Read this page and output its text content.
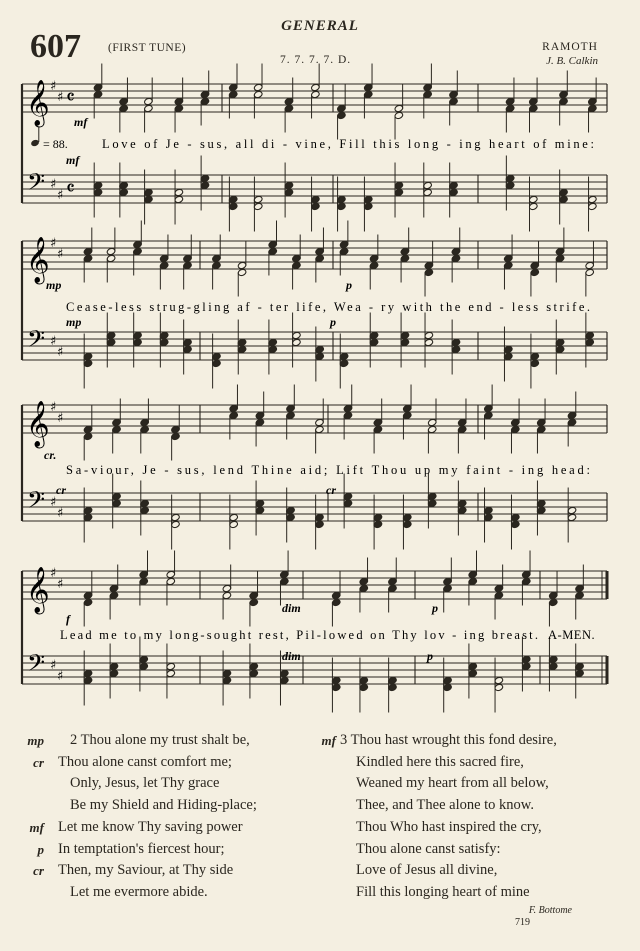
GENERAL
607 (FIRST TUNE)
7. 7. 7. 7. D.
RAMOTH
J. B. Calkin
𝄞 ♯
♯ 𝄴
𝄢 ♯
♯ 𝄴
mf
mf
Love of Je - sus, all di - vine, Fill this long - ing heart of mine:
𝄞 ♯
♯
𝄢 ♯
♯
mp	p
mp	p
Cease-less strug-gling af - ter life, Wea - ry with the end - less strife.
𝄞 ♯
♯
𝄢 ♯
♯
cr.
cr	cr
Sa-viour, Je - sus, lend Thine aid; Lift Thou up my faint - ing head:
𝄞 ♯
♯
𝄢 ♯
♯
f
dim	p
dim	p
Lead me to my long-sought rest, Pil-lowed on Thy lov - ing breast. A-MEN.
= 88.
mp 2 Thou alone my trust shalt be,
cr Thou alone canst comfort me;
Only, Jesus, let Thy grace
Be my Shield and Hiding-place;
mf Let me know Thy saving power
p In temptation's fiercest hour;
cr Then, my Saviour, at Thy side
Let me evermore abide.
mf 3 Thou hast wrought this fond desire,
Kindled here this sacred fire,
Weaned my heart from all below,
Thee, and Thee alone to know.
Thou Who hast inspired the cry,
Thou alone canst satisfy:
Love of Jesus all divine,
Fill this longing heart of mine
F. Bottome
719
